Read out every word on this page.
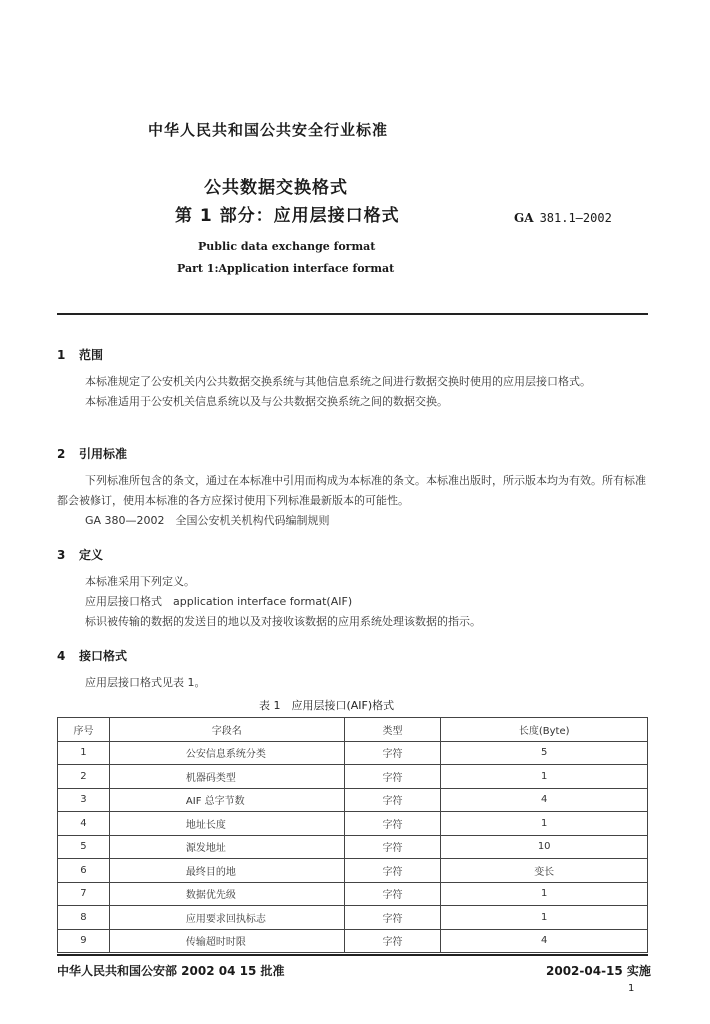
中华人民共和国公共安全行业标准
公共数据交换格式
第 1 部分：应用层接口格式	GA 381.1—2002
Public data exchange format
Part 1:Application interface format
1 范围
本标准规定了公安机关内公共数据交换系统与其他信息系统之间进行数据交换时使用的应用层接口格式。
本标准适用于公安机关信息系统以及与公共数据交换系统之间的数据交换。
2 引用标准
下列标准所包含的条文，通过在本标准中引用而构成为本标准的条文。本标准出版时，所示版本均为有效。所有标准都会被修订，使用本标准的各方应探讨使用下列标准最新版本的可能性。
GA 380—2002　全国公安机关机构代码编制规则
3 定义
本标准采用下列定义。
应用层接口格式　application interface format(AIF)
标识被传输的数据的发送目的地以及对接收该数据的应用系统处理该数据的指示。
4 接口格式
应用层接口格式见表 1。
表 1　应用层接口(AIF)格式
序号	字段名	类型	长度(Byte)
1	公安信息系统分类	字符	5
2	机器码类型	字符	1
3	AIF 总字节数	字符	4
4	地址长度	字符	1
5	源发地址	字符	10
6	最终目的地	字符	变长
7	数据优先级	字符	1
8	应用要求回执标志	字符	1
9	传输超时时限	字符	4
中华人民共和国公安部 2002 04 15 批准	2002-04-15 实施
1
